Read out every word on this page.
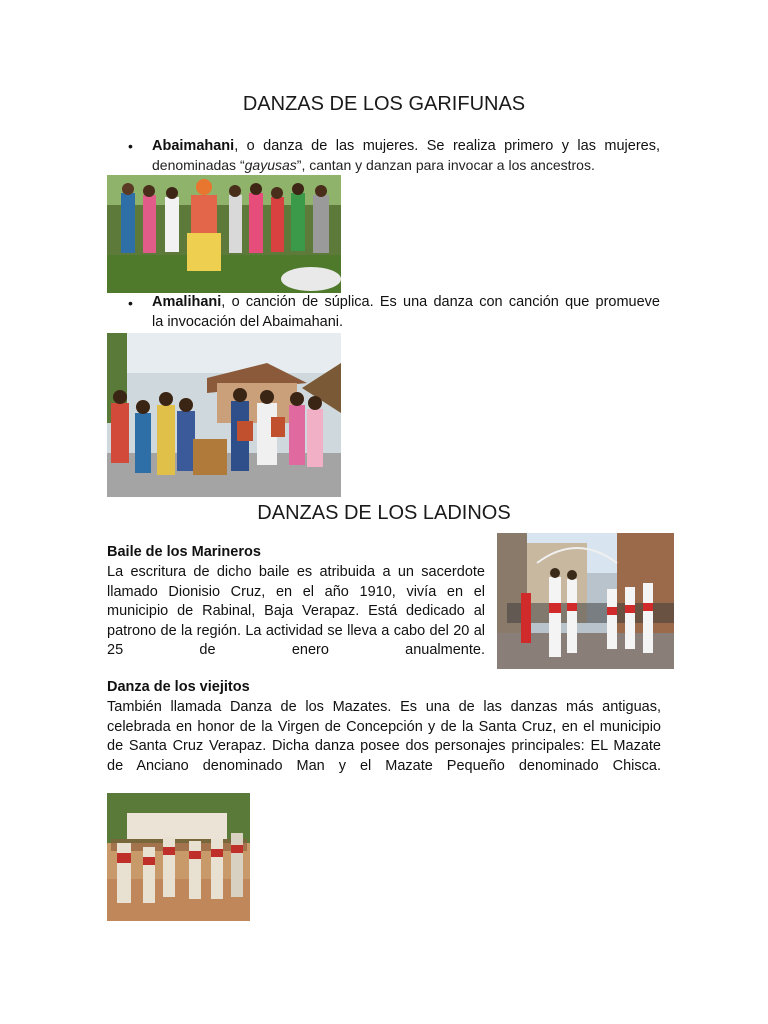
DANZAS DE LOS GARIFUNAS
• Abaimahani, o danza de las mujeres. Se realiza primero y las mujeres,

denominadas “gayusas”, cantan y danzan para invocar a los ancestros.
• Amalihani, o canción de súplica. Es una danza con canción que promueve

la invocación del Abaimahani.

DANZAS DE LOS LADINOS
Baile de los Marineros

La escritura de dicho baile es atribuida a un sacerdote llamado Dionisio Cruz, en el año 1910, vivía en el municipio de Rabinal, Baja Verapaz. Está dedicado al patrono de la región. La actividad se lleva a cabo del 20 al 25 de enero anualmente.

Danza de los viejitos

También llamada Danza de los Mazates. Es una de las danzas más antiguas, celebrada en honor de la Virgen de Concepción y de la Santa Cruz, en el municipio de Santa Cruz Verapaz. Dicha danza posee dos personajes principales: EL Mazate de Anciano denominado Man y el Mazate Pequeño denominado Chisca.
